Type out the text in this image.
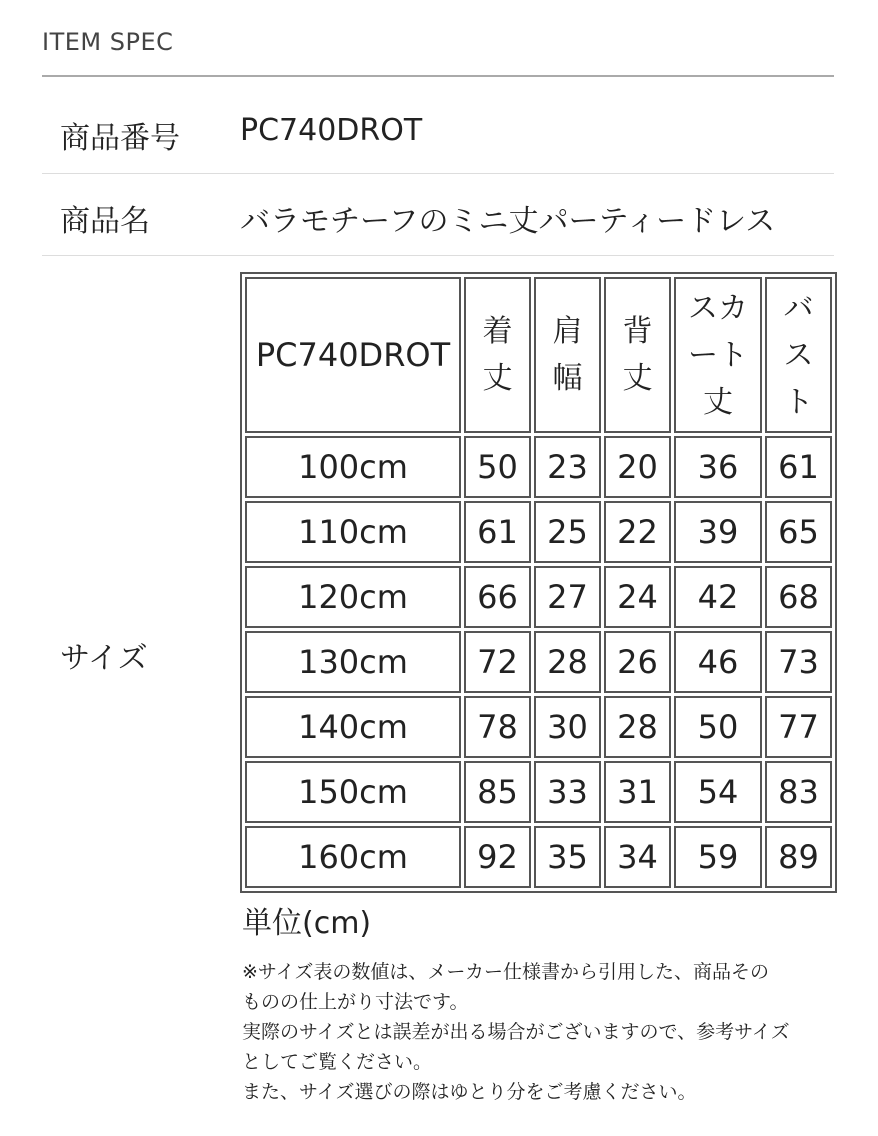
ITEM SPEC
商品番号 PC740DROT
商品名	バラモチーフのミニ丈パーティードレス
サイズ
PC740DROT	着丈	肩幅	背丈	スカート丈	バスト
100cm	50	23	20	36	61
110cm	61	25	22	39	65
120cm	66	27	24	42	68
130cm	72	28	26	46	73
140cm	78	30	28	50	77
150cm	85	33	31	54	83
160cm	92	35	34	59	89
単位(cm)
※サイズ表の数値は、メーカー仕様書から引用した、商品その
ものの仕上がり寸法です。
実際のサイズとは誤差が出る場合がございますので、参考サイズ
としてご覧ください。
また、サイズ選びの際はゆとり分をご考慮ください。
